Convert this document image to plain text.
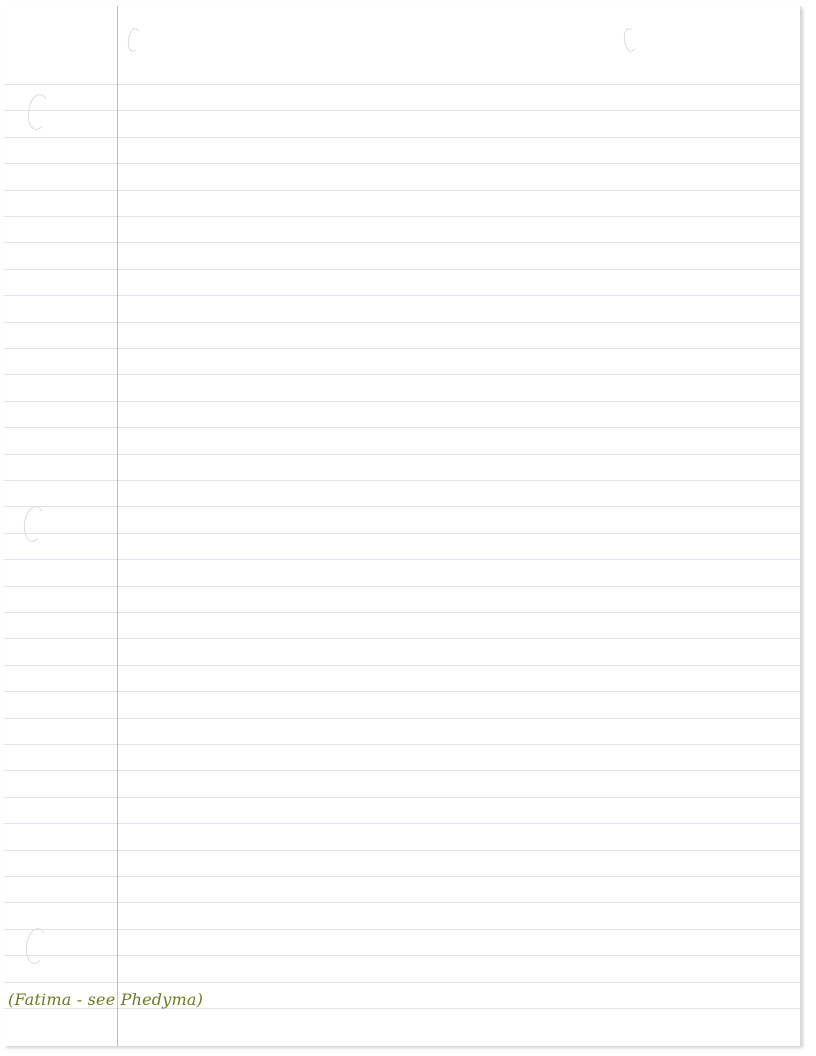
(Fatima - see Phedyma)
